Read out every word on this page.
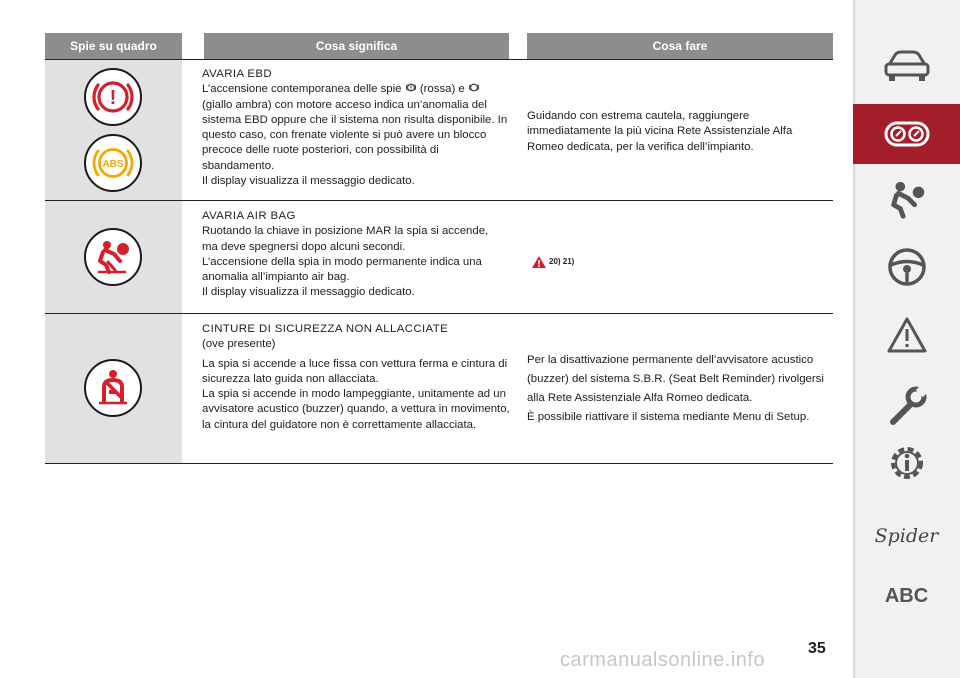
Spie su quadro	Cosa significa	Cosa fare
!
ABS

AVARIA EBD

L’accensione contemporanea delle spie (rossa) e

(giallo ambra) con motore acceso indica un’anomalia del sistema EBD oppure che il sistema non risulta disponibile. In questo caso, con frenate violente si può avere un blocco precoce delle ruote posteriori, con possibilità di sbandamento.

Il display visualizza il messaggio dedicato.

Guidando con estrema cautela, raggiungere immediatamente la più vicina Rete Assistenziale Alfa Romeo dedicata, per la verifica dell’impianto.

AVARIA AIR BAG

Ruotando la chiave in posizione MAR la spia si accende, ma deve spegnersi dopo alcuni secondi.

L’accensione della spia in modo permanente indica una anomalia all’impianto air bag.

Il display visualizza il messaggio dedicato.

20) 21)

CINTURE DI SICUREZZA NON ALLACCIATE

(ove presente)

La spia si accende a luce fissa con vettura ferma e cintura di sicurezza lato guida non allacciata.

La spia si accende in modo lampeggiante, unitamente ad un avvisatore acustico (buzzer) quando, a vettura in movimento, la cintura del guidatore non è correttamente allacciata.

Per la disattivazione permanente dell’avvisatore acustico (buzzer) del sistema S.B.R. (Seat Belt Reminder) rivolgersi alla Rete Assistenziale Alfa Romeo dedicata.

È possibile riattivare il sistema mediante Menu di Setup.

Spider
ABC
35
carmanualsonline.info
